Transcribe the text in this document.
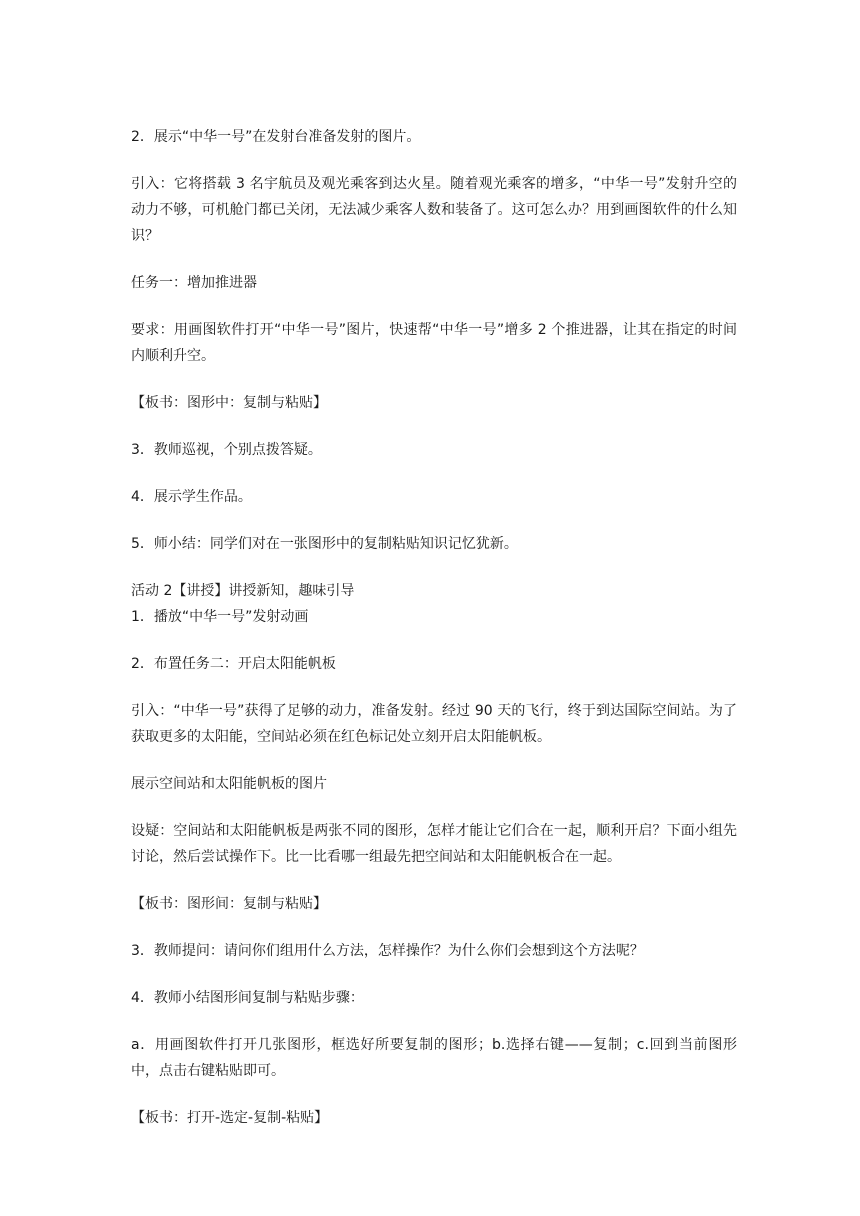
2．展示“中华一号”在发射台准备发射的图片。

引入：它将搭载 3 名宇航员及观光乘客到达火星。随着观光乘客的增多，“中华一号”发射升空的动力不够，可机舱门都已关闭，无法减少乘客人数和装备了。这可怎么办？用到画图软件的什么知识？

任务一：增加推进器

要求：用画图软件打开“中华一号”图片，快速帮“中华一号”增多 2 个推进器，让其在指定的时间内顺利升空。

【板书：图形中：复制与粘贴】

3．教师巡视，个别点拨答疑。

4．展示学生作品。

5．师小结：同学们对在一张图形中的复制粘贴知识记忆犹新。

活动 2【讲授】讲授新知，趣味引导

1．播放“中华一号”发射动画

2．布置任务二：开启太阳能帆板

引入：“中华一号”获得了足够的动力，准备发射。经过 90 天的飞行，终于到达国际空间站。为了获取更多的太阳能，空间站必须在红色标记处立刻开启太阳能帆板。

展示空间站和太阳能帆板的图片

设疑：空间站和太阳能帆板是两张不同的图形，怎样才能让它们合在一起，顺利开启？下面小组先讨论，然后尝试操作下。比一比看哪一组最先把空间站和太阳能帆板合在一起。

【板书：图形间：复制与粘贴】

3．教师提问：请问你们组用什么方法，怎样操作？为什么你们会想到这个方法呢？

4．教师小结图形间复制与粘贴步骤：

a．用画图软件打开几张图形，框选好所要复制的图形；b.选择右键——复制；c.回到当前图形中，点击右键粘贴即可。

【板书：打开-选定-复制-粘贴】
